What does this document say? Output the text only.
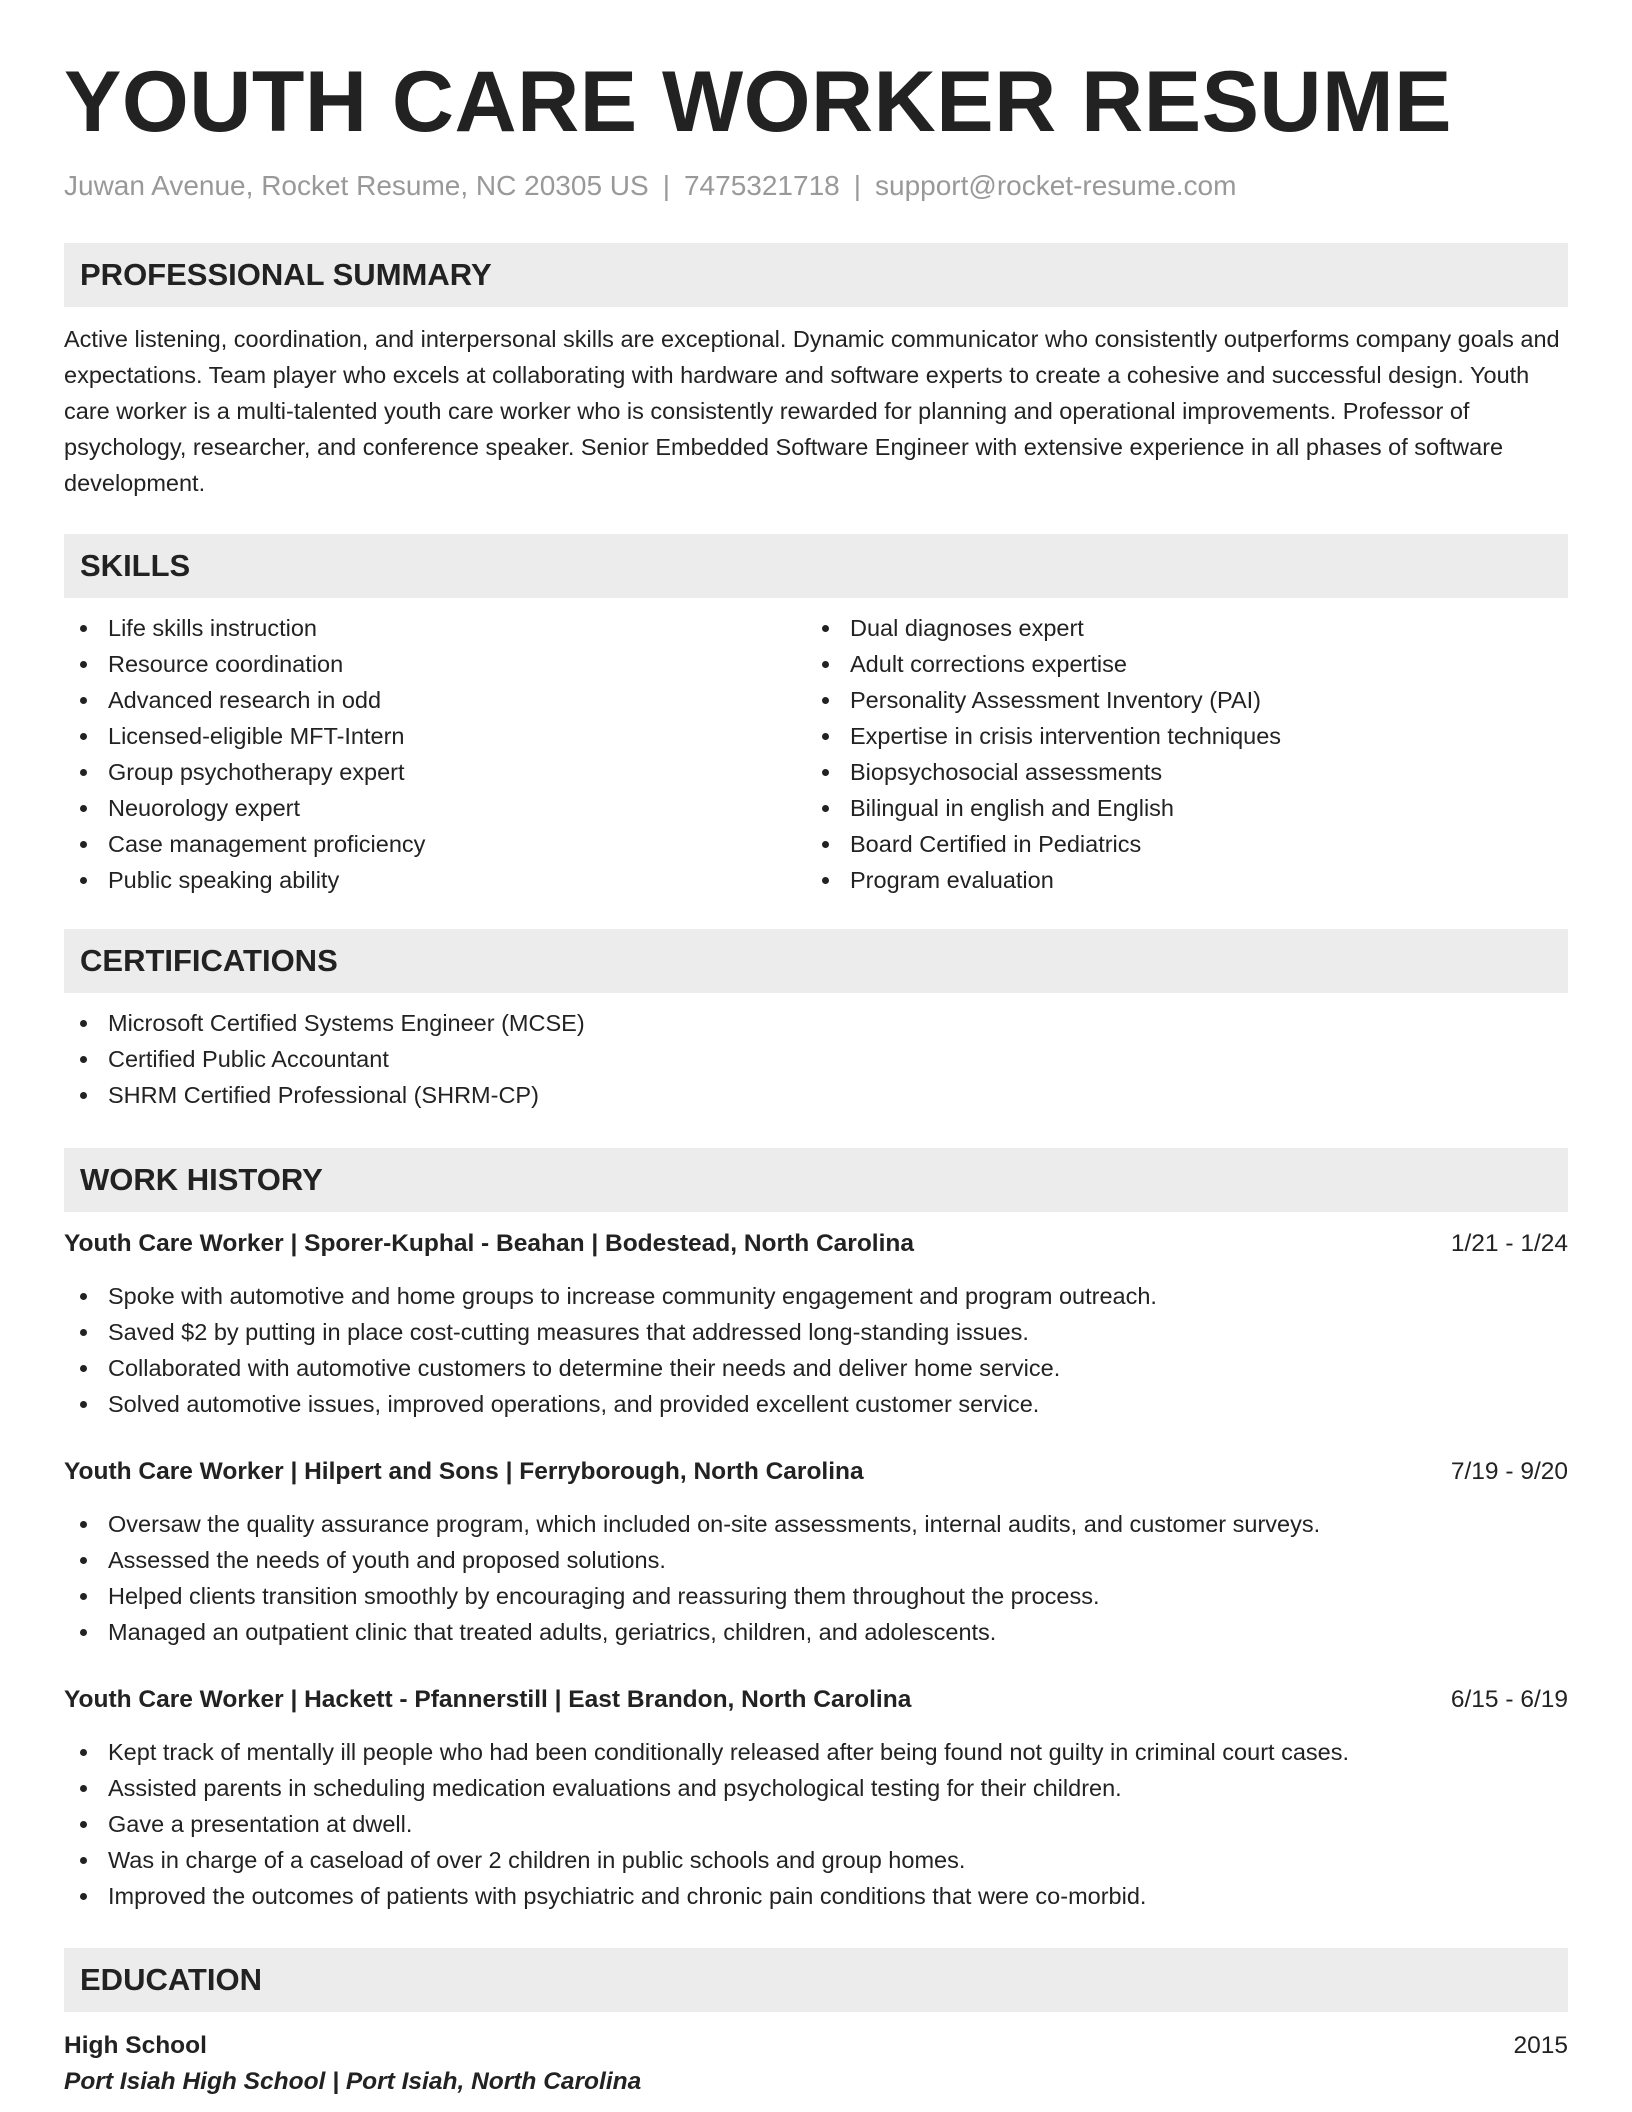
YOUTH CARE WORKER RESUME
Juwan Avenue, Rocket Resume, NC 20305 US | 7475321718 | support@rocket-resume.com
PROFESSIONAL SUMMARY

Active listening, coordination, and interpersonal skills are exceptional. Dynamic communicator who consistently outperforms company goals and expectations. Team player who excels at collaborating with hardware and software experts to create a cohesive and successful design. Youth care worker is a multi-talented youth care worker who is consistently rewarded for planning and operational improvements. Professor of psychology, researcher, and conference speaker. Senior Embedded Software Engineer with extensive experience in all phases of software development.

SKILLS
Life skills instruction
Resource coordination
Advanced research in odd
Licensed-eligible MFT-Intern
Group psychotherapy expert
Neuorology expert
Case management proficiency
Public speaking ability
Dual diagnoses expert
Adult corrections expertise
Personality Assessment Inventory (PAI)
Expertise in crisis intervention techniques
Biopsychosocial assessments
Bilingual in english and English
Board Certified in Pediatrics
Program evaluation
CERTIFICATIONS
Microsoft Certified Systems Engineer (MCSE)
Certified Public Accountant
SHRM Certified Professional (SHRM-CP)
WORK HISTORY
Youth Care Worker | Sporer-Kuphal - Beahan | Bodestead, North Carolina	1/21 - 1/24
Spoke with automotive and home groups to increase community engagement and program outreach.
Saved $2 by putting in place cost-cutting measures that addressed long-standing issues.
Collaborated with automotive customers to determine their needs and deliver home service.
Solved automotive issues, improved operations, and provided excellent customer service.
Youth Care Worker | Hilpert and Sons | Ferryborough, North Carolina	7/19 - 9/20
Oversaw the quality assurance program, which included on-site assessments, internal audits, and customer surveys.
Assessed the needs of youth and proposed solutions.
Helped clients transition smoothly by encouraging and reassuring them throughout the process.
Managed an outpatient clinic that treated adults, geriatrics, children, and adolescents.
Youth Care Worker | Hackett - Pfannerstill | East Brandon, North Carolina	6/15 - 6/19
Kept track of mentally ill people who had been conditionally released after being found not guilty in criminal court cases.
Assisted parents in scheduling medication evaluations and psychological testing for their children.
Gave a presentation at dwell.
Was in charge of a caseload of over 2 children in public schools and group homes.
Improved the outcomes of patients with psychiatric and chronic pain conditions that were co-morbid.
EDUCATION
High School	2015
Port Isiah High School | Port Isiah, North Carolina
